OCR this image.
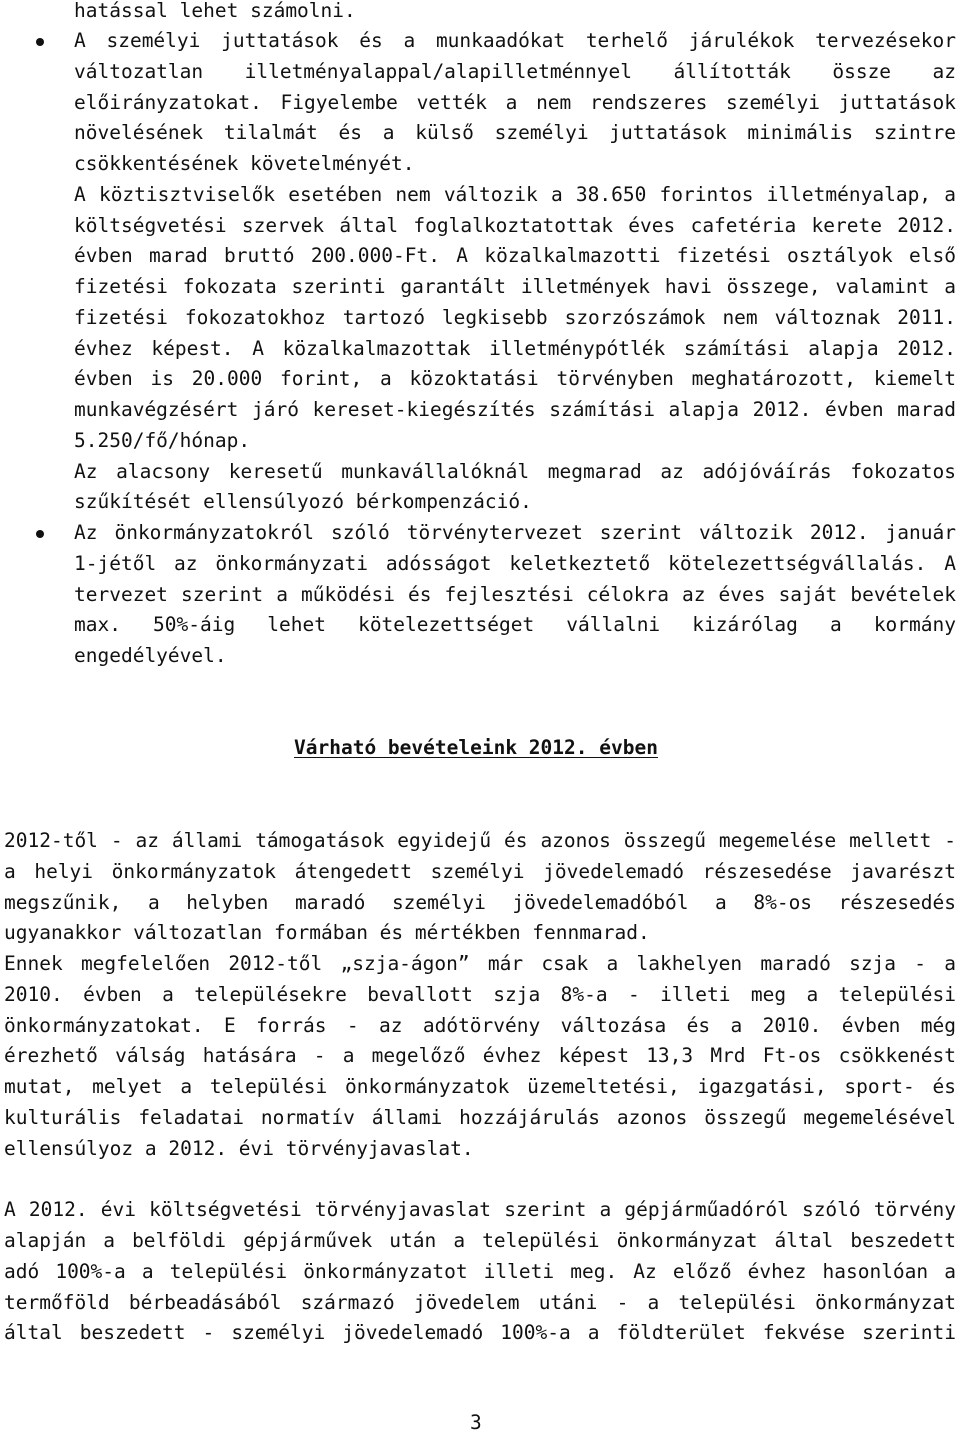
hatással lehet számolni.
A személyi juttatások és a munkaadókat terhelő járulékok tervezésekor
változatlan illetményalappal/alapilletménnyel állították össze az
előirányzatokat. Figyelembe vették a nem rendszeres személyi juttatások
növelésének tilalmát és a külső személyi juttatások minimális szintre
csökkentésének követelményét.
A köztisztviselők esetében nem változik a 38.650 forintos illetményalap, a
költségvetési szervek által foglalkoztatottak éves cafetéria kerete 2012.
évben marad bruttó 200.000-Ft. A közalkalmazotti fizetési osztályok első
fizetési fokozata szerinti garantált illetmények havi összege, valamint a
fizetési fokozatokhoz tartozó legkisebb szorzószámok nem változnak 2011.
évhez képest. A közalkalmazottak illetménypótlék számítási alapja 2012.
évben is 20.000 forint, a közoktatási törvényben meghatározott, kiemelt
munkavégzésért járó kereset-kiegészítés számítási alapja 2012. évben marad
5.250/fő/hónap.
Az alacsony keresetű munkavállalóknál megmarad az adójóváírás fokozatos
szűkítését ellensúlyozó bérkompenzáció.
Az önkormányzatokról szóló törvénytervezet szerint változik 2012. január
1-jétől az önkormányzati adósságot keletkeztető kötelezettségvállalás. A
tervezet szerint a működési és fejlesztési célokra az éves saját bevételek
max. 50%-áig lehet kötelezettséget vállalni kizárólag a kormány
engedélyével.
Várható bevételeink 2012. évben
2012-től - az állami támogatások egyidejű és azonos összegű megemelése mellett -
a helyi önkormányzatok átengedett személyi jövedelemadó részesedése javarészt
megszűnik, a helyben maradó személyi jövedelemadóból a 8%-os részesedés
ugyanakkor változatlan formában és mértékben fennmarad.
Ennek megfelelően 2012-től „szja-ágon” már csak a lakhelyen maradó szja - a
2010. évben a településekre bevallott szja 8%-a - illeti meg a települési
önkormányzatokat. E forrás - az adótörvény változása és a 2010. évben még
érezhető válság hatására - a megelőző évhez képest 13,3 Mrd Ft-os csökkenést
mutat, melyet a települési önkormányzatok üzemeltetési, igazgatási, sport- és
kulturális feladatai normatív állami hozzájárulás azonos összegű megemelésével
ellensúlyoz a 2012. évi törvényjavaslat.
A 2012. évi költségvetési törvényjavaslat szerint a gépjárműadóról szóló törvény
alapján a belföldi gépjárművek után a települési önkormányzat által beszedett
adó 100%-a a települési önkormányzatot illeti meg. Az előző évhez hasonlóan a
termőföld bérbeadásából származó jövedelem utáni - a települési önkormányzat
által beszedett - személyi jövedelemadó 100%-a a földterület fekvése szerinti
3
